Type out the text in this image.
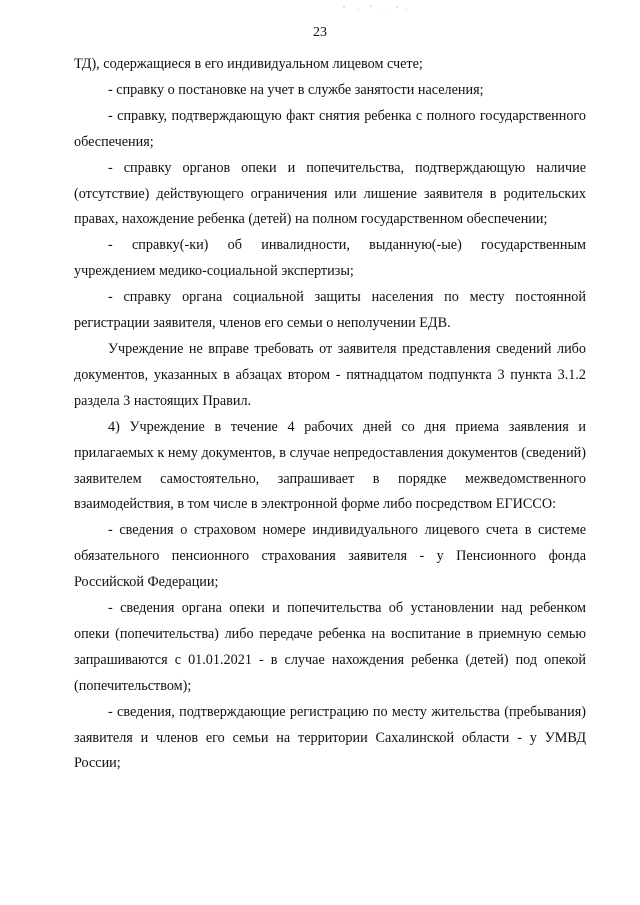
23

ТД), содержащиеся в его индивидуальном лицевом счете;

- справку о постановке на учет в службе занятости населения;

- справку, подтверждающую факт снятия ребенка с полного государственного обеспечения;

- справку органов опеки и попечительства, подтверждающую наличие (отсутствие) действующего ограничения или лишение заявителя в родительских правах, нахождение ребенка (детей) на полном государственном обеспечении;

- справку(-ки) об инвалидности, выданную(-ые) государственным учреждением медико-социальной экспертизы;

- справку органа социальной защиты населения по месту постоянной регистрации заявителя, членов его семьи о неполучении ЕДВ.

Учреждение не вправе требовать от заявителя представления сведений либо документов, указанных в абзацах втором - пятнадцатом подпункта 3 пункта 3.1.2 раздела 3 настоящих Правил.

4) Учреждение в течение 4 рабочих дней со дня приема заявления и прилагаемых к нему документов, в случае непредоставления документов (сведений) заявителем самостоятельно, запрашивает в порядке межведомственного взаимодействия, в том числе в электронной форме либо посредством ЕГИССО:

- сведения о страховом номере индивидуального лицевого счета в системе обязательного пенсионного страхования заявителя - у Пенсионного фонда Российской Федерации;

- сведения органа опеки и попечительства об установлении над ребенком опеки (попечительства) либо передаче ребенка на воспитание в приемную семью запрашиваются с 01.01.2021 - в случае нахождения ребенка (детей) под опекой (попечительством);

- сведения, подтверждающие регистрацию по месту жительства (пребывания) заявителя и членов его семьи на территории Сахалинской области - у УМВД России;
